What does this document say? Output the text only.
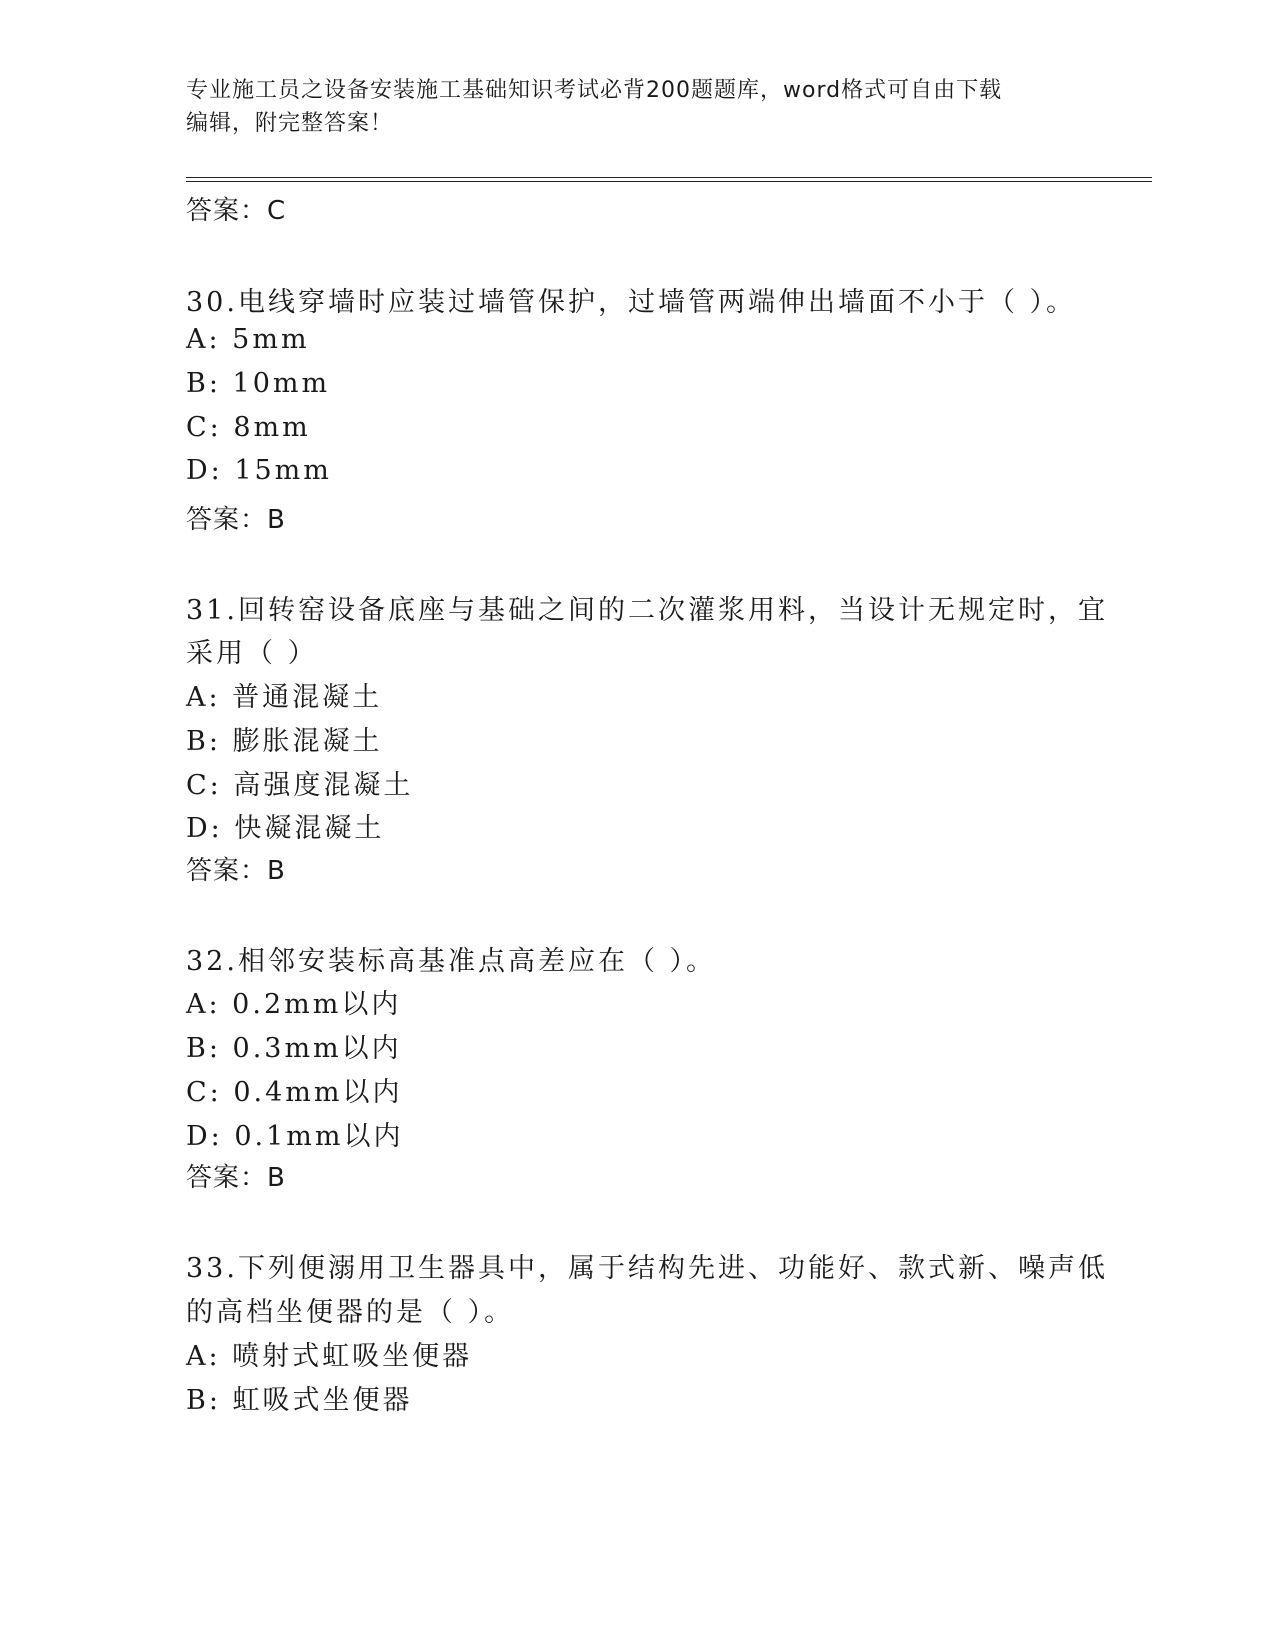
专业施工员之设备安装施工基础知识考试必背200题题库，word格式可自由下载
编辑，附完整答案！
答案：C
30.电线穿墙时应装过墙管保护，过墙管两端伸出墙面不小于（ ）。
A: 5mm
B: 10mm
C: 8mm
D: 15mm
答案：B
31.回转窑设备底座与基础之间的二次灌浆用料，当设计无规定时，宜
采用（ ）
A: 普通混凝土
B: 膨胀混凝土
C: 高强度混凝土
D: 快凝混凝土
答案：B
32.相邻安装标高基准点高差应在（ ）。
A: 0.2mm以内
B: 0.3mm以内
C: 0.4mm以内
D: 0.1mm以内
答案：B
33.下列便溺用卫生器具中，属于结构先进、功能好、款式新、噪声低
的高档坐便器的是（ ）。
A: 喷射式虹吸坐便器
B: 虹吸式坐便器
